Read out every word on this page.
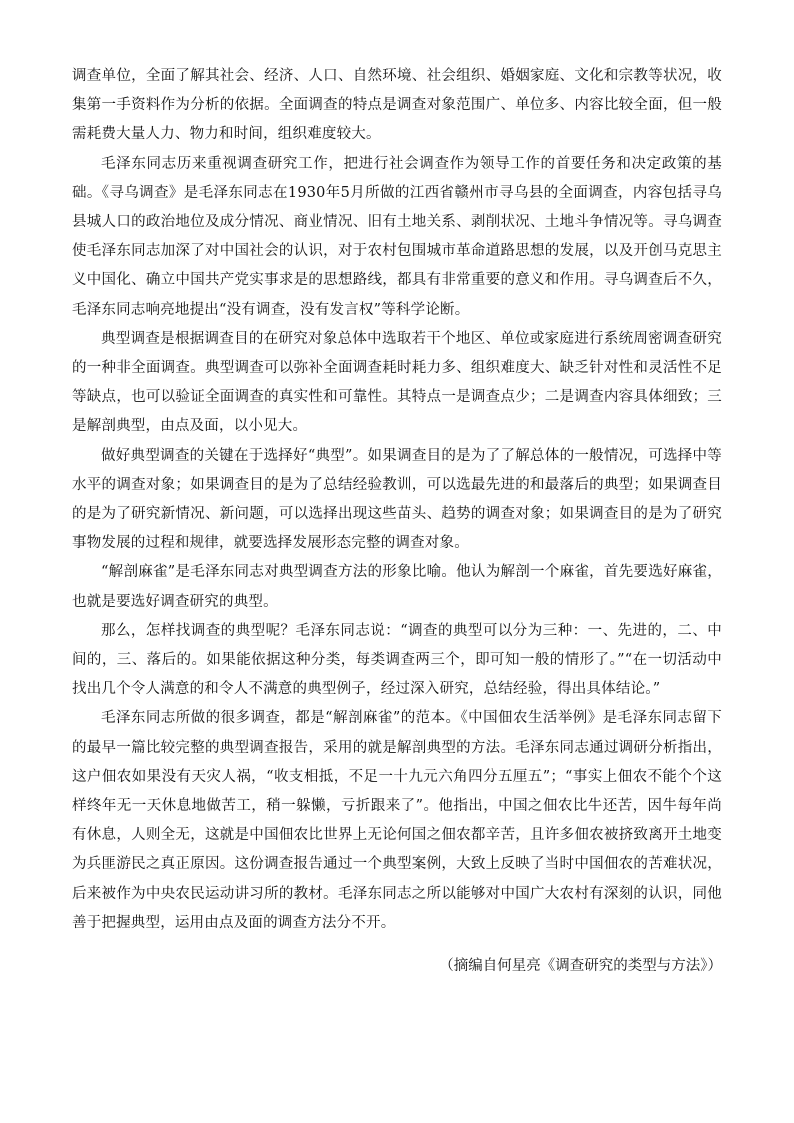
调查单位，全面了解其社会、经济、人口、自然环境、社会组织、婚姻家庭、文化和宗教等状况，收集第一手资料作为分析的依据。全面调查的特点是调查对象范围广、单位多、内容比较全面，但一般需耗费大量人力、物力和时间，组织难度较大。

毛泽东同志历来重视调查研究工作，把进行社会调查作为领导工作的首要任务和决定政策的基础。《寻乌调查》是毛泽东同志在1930年5月所做的江西省赣州市寻乌县的全面调查，内容包括寻乌县城人口的政治地位及成分情况、商业情况、旧有土地关系、剥削状况、土地斗争情况等。寻乌调查使毛泽东同志加深了对中国社会的认识，对于农村包围城市革命道路思想的发展，以及开创马克思主义中国化、确立中国共产党实事求是的思想路线，都具有非常重要的意义和作用。寻乌调查后不久，毛泽东同志响亮地提出“没有调查，没有发言权”等科学论断。

典型调查是根据调查目的在研究对象总体中选取若干个地区、单位或家庭进行系统周密调查研究的一种非全面调查。典型调查可以弥补全面调查耗时耗力多、组织难度大、缺乏针对性和灵活性不足等缺点，也可以验证全面调查的真实性和可靠性。其特点一是调查点少；二是调查内容具体细致；三是解剖典型，由点及面，以小见大。

做好典型调查的关键在于选择好“典型”。如果调查目的是为了了解总体的一般情况，可选择中等水平的调查对象；如果调查目的是为了总结经验教训，可以选最先进的和最落后的典型；如果调查目的是为了研究新情况、新问题，可以选择出现这些苗头、趋势的调查对象；如果调查目的是为了研究事物发展的过程和规律，就要选择发展形态完整的调查对象。

“解剖麻雀”是毛泽东同志对典型调查方法的形象比喻。他认为解剖一个麻雀，首先要选好麻雀，也就是要选好调查研究的典型。

那么，怎样找调查的典型呢？毛泽东同志说：“调查的典型可以分为三种：一、先进的，二、中间的，三、落后的。如果能依据这种分类，每类调查两三个，即可知一般的情形了。”“在一切活动中找出几个令人满意的和令人不满意的典型例子，经过深入研究，总结经验，得出具体结论。”

毛泽东同志所做的很多调查，都是“解剖麻雀”的范本。《中国佃农生活举例》是毛泽东同志留下的最早一篇比较完整的典型调查报告，采用的就是解剖典型的方法。毛泽东同志通过调研分析指出，这户佃农如果没有天灾人祸，“收支相抵，不足一十九元六角四分五厘五”；“事实上佃农不能个个这样终年无一天休息地做苦工，稍一躲懒，亏折跟来了”。他指出，中国之佃农比牛还苦，因牛每年尚有休息，人则全无，这就是中国佃农比世界上无论何国之佃农都辛苦，且许多佃农被挤致离开土地变为兵匪游民之真正原因。这份调查报告通过一个典型案例，大致上反映了当时中国佃农的苦难状况，后来被作为中央农民运动讲习所的教材。毛泽东同志之所以能够对中国广大农村有深刻的认识，同他善于把握典型，运用由点及面的调查方法分不开。

（摘编自何星亮《调查研究的类型与方法》）
